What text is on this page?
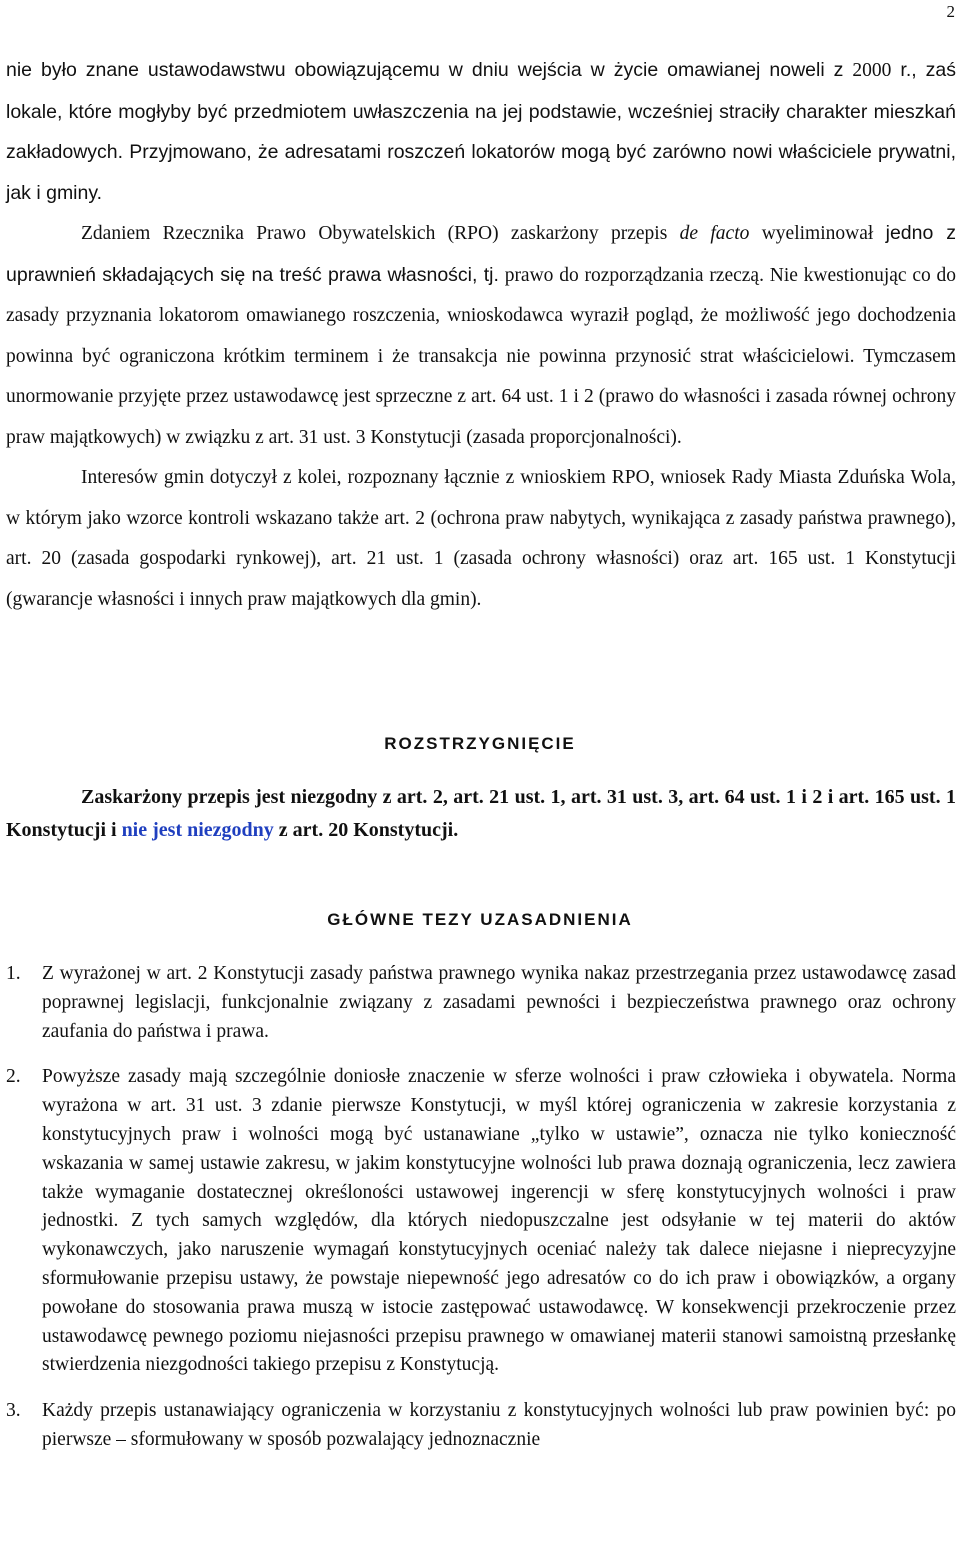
2

nie było znane ustawodawstwu obowiązującemu w dniu wejścia w życie omawianej noweli z 2000 r., zaś lokale, które mogłyby być przedmiotem uwłaszczenia na jej podstawie, wcześniej straciły charakter mieszkań zakładowych. Przyjmowano, że adresatami roszczeń lokatorów mogą być zarówno nowi właściciele prywatni, jak i gminy.

Zdaniem Rzecznika Prawo Obywatelskich (RPO) zaskarżony przepis de facto wyeliminował jedno z uprawnień składających się na treść prawa własności, tj. prawo do rozporządzania rzeczą. Nie kwestionując co do zasady przyznania lokatorom omawianego roszczenia, wnioskodawca wyraził pogląd, że możliwość jego dochodzenia powinna być ograniczona krótkim terminem i że transakcja nie powinna przynosić strat właścicielowi. Tymczasem unormowanie przyjęte przez ustawodawcę jest sprzeczne z art. 64 ust. 1 i 2 (prawo do własności i zasada równej ochrony praw majątkowych) w związku z art. 31 ust. 3 Konstytucji (zasada proporcjonalności).

Interesów gmin dotyczył z kolei, rozpoznany łącznie z wnioskiem RPO, wniosek Rady Miasta Zduńska Wola, w którym jako wzorce kontroli wskazano także art. 2 (ochrona praw nabytych, wynikająca z zasady państwa prawnego), art. 20 (zasada gospodarki rynkowej), art. 21 ust. 1 (zasada ochrony własności) oraz art. 165 ust. 1 Konstytucji (gwarancje własności i innych praw majątkowych dla gmin).

ROZSTRZYGNIĘCIE

Zaskarżony przepis jest niezgodny z art. 2, art. 21 ust. 1, art. 31 ust. 3, art. 64 ust. 1 i 2 i art. 165 ust. 1 Konstytucji i nie jest niezgodny z art. 20 Konstytucji.

GŁÓWNE TEZY UZASADNIENIA
1. Z wyrażonej w art. 2 Konstytucji zasady państwa prawnego wynika nakaz przestrzegania przez ustawodawcę zasad poprawnej legislacji, funkcjonalnie związany z zasadami pewności i bezpieczeństwa prawnego oraz ochrony zaufania do państwa i prawa.
2. Powyższe zasady mają szczególnie doniosłe znaczenie w sferze wolności i praw człowieka i obywatela. Norma wyrażona w art. 31 ust. 3 zdanie pierwsze Konstytucji, w myśl której ograniczenia w zakresie korzystania z konstytucyjnych praw i wolności mogą być ustanawiane „tylko w ustawie”, oznacza nie tylko konieczność wskazania w samej ustawie zakresu, w jakim konstytucyjne wolności lub prawa doznają ograniczenia, lecz zawiera także wymaganie dostatecznej określoności ustawowej ingerencji w sferę konstytucyjnych wolności i praw jednostki. Z tych samych względów, dla których niedopuszczalne jest odsyłanie w tej materii do aktów wykonawczych, jako naruszenie wymagań konstytucyjnych oceniać należy tak dalece niejasne i nieprecyzyjne sformułowanie przepisu ustawy, że powstaje niepewność jego adresatów co do ich praw i obowiązków, a organy powołane do stosowania prawa muszą w istocie zastępować ustawodawcę. W konsekwencji przekroczenie przez ustawodawcę pewnego poziomu niejasności przepisu prawnego w omawianej materii stanowi samoistną przesłankę stwierdzenia niezgodności takiego przepisu z Konstytucją.
3. Każdy przepis ustanawiający ograniczenia w korzystaniu z konstytucyjnych wolności lub praw powinien być: po pierwsze – sformułowany w sposób pozwalający jednoznacznie
